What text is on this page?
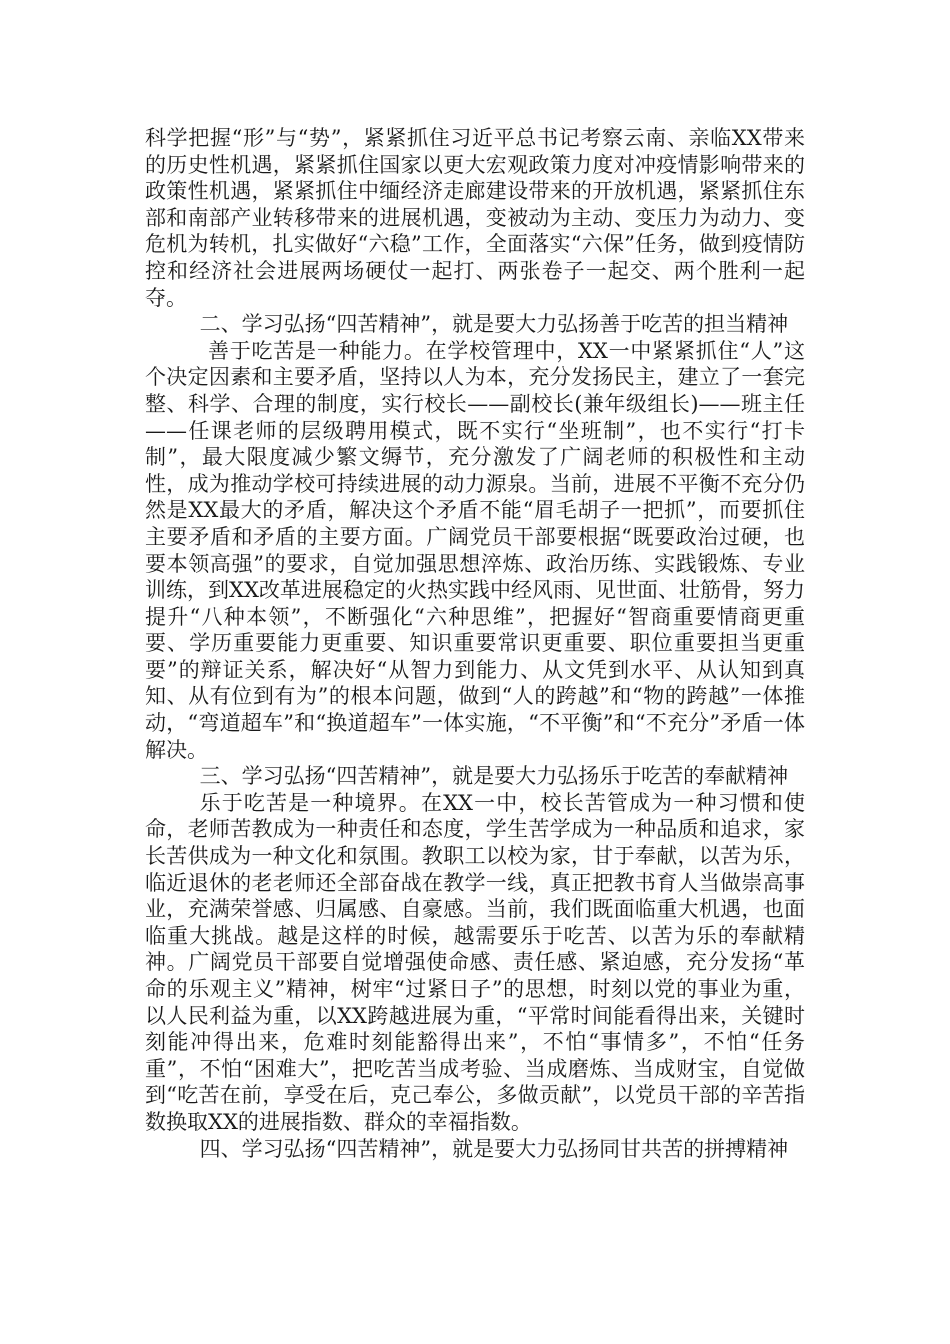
科学把握“形”与“势”，紧紧抓住习近平总书记考察云南、亲临XX带来的历史性机遇，紧紧抓住国家以更大宏观政策力度对冲疫情影响带来的政策性机遇，紧紧抓住中缅经济走廊建设带来的开放机遇，紧紧抓住东部和南部产业转移带来的进展机遇，变被动为主动、变压力为动力、变危机为转机，扎实做好“六稳”工作，全面落实“六保”任务，做到疫情防控和经济社会进展两场硬仗一起打、两张卷子一起交、两个胜利一起夺。

二、学习弘扬“四苦精神”，就是要大力弘扬善于吃苦的担当精神

善于吃苦是一种能力。在学校管理中，XX一中紧紧抓住“人”这个决定因素和主要矛盾，坚持以人为本，充分发扬民主，建立了一套完整、科学、合理的制度，实行校长——副校长(兼年级组长)——班主任——任课老师的层级聘用模式，既不实行“坐班制”，也不实行“打卡制”，最大限度减少繁文缛节，充分激发了广阔老师的积极性和主动性，成为推动学校可持续进展的动力源泉。当前，进展不平衡不充分仍然是XX最大的矛盾，解决这个矛盾不能“眉毛胡子一把抓”，而要抓住主要矛盾和矛盾的主要方面。广阔党员干部要根据“既要政治过硬，也要本领高强”的要求，自觉加强思想淬炼、政治历练、实践锻炼、专业训练，到XX改革进展稳定的火热实践中经风雨、见世面、壮筋骨，努力提升“八种本领”，不断强化“六种思维”，把握好“智商重要情商更重要、学历重要能力更重要、知识重要常识更重要、职位重要担当更重要”的辩证关系，解决好“从智力到能力、从文凭到水平、从认知到真知、从有位到有为”的根本问题，做到“人的跨越”和“物的跨越”一体推动，“弯道超车”和“换道超车”一体实施，“不平衡”和“不充分”矛盾一体解决。

三、学习弘扬“四苦精神”，就是要大力弘扬乐于吃苦的奉献精神

乐于吃苦是一种境界。在XX一中，校长苦管成为一种习惯和使命，老师苦教成为一种责任和态度，学生苦学成为一种品质和追求，家长苦供成为一种文化和氛围。教职工以校为家，甘于奉献，以苦为乐，临近退休的老老师还全部奋战在教学一线，真正把教书育人当做崇高事业，充满荣誉感、归属感、自豪感。当前，我们既面临重大机遇，也面临重大挑战。越是这样的时候，越需要乐于吃苦、以苦为乐的奉献精神。广阔党员干部要自觉增强使命感、责任感、紧迫感，充分发扬“革命的乐观主义”精神，树牢“过紧日子”的思想，时刻以党的事业为重，以人民利益为重，以XX跨越进展为重，“平常时间能看得出来，关键时刻能冲得出来，危难时刻能豁得出来”，不怕“事情多”，不怕“任务重”，不怕“困难大”，把吃苦当成考验、当成磨炼、当成财宝，自觉做到“吃苦在前，享受在后，克己奉公，多做贡献”，以党员干部的辛苦指数换取XX的进展指数、群众的幸福指数。

四、学习弘扬“四苦精神”，就是要大力弘扬同甘共苦的拼搏精神
